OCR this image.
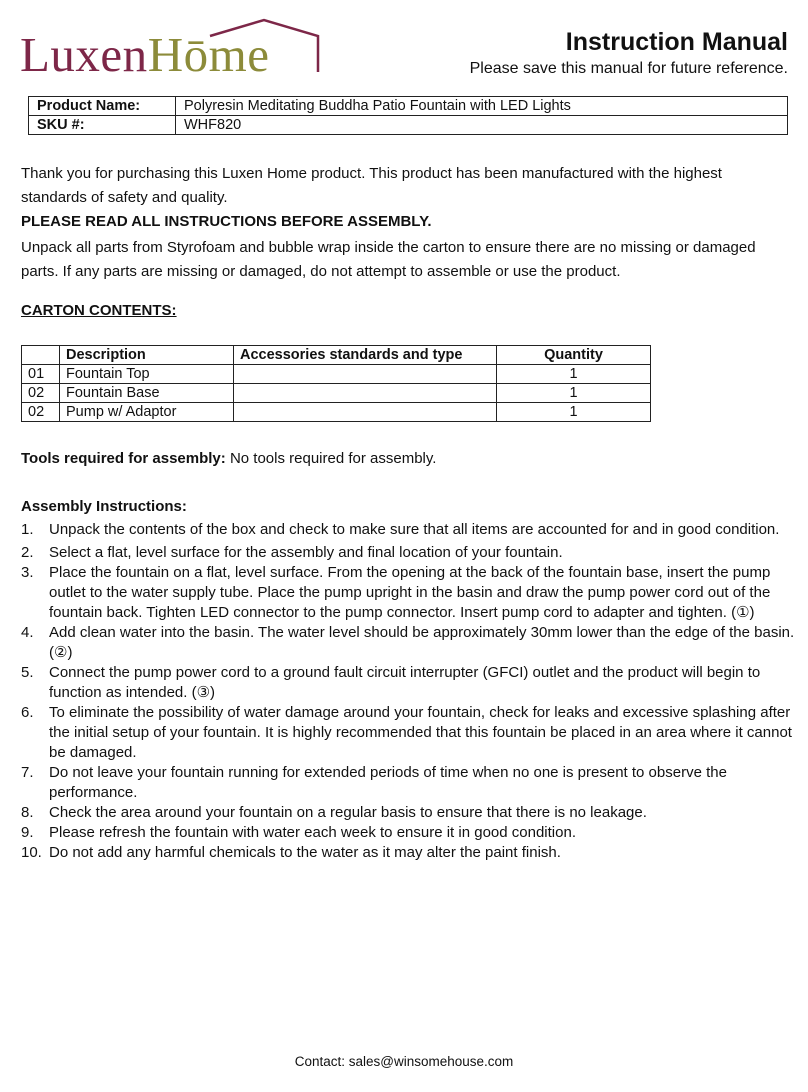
LuxenHōme	Instruction Manual
Please save this manual for future reference.
Product Name:	Polyresin Meditating Buddha Patio Fountain with LED Lights
SKU #:	WHF820
Thank you for purchasing this Luxen Home product. This product has been manufactured with the highest
standards of safety and quality.
PLEASE READ ALL INSTRUCTIONS BEFORE ASSEMBLY.
Unpack all parts from Styrofoam and bubble wrap inside the carton to ensure there are no missing or damaged
parts. If any parts are missing or damaged, do not attempt to assemble or use the product.
CARTON CONTENTS:
	Description	Accessories standards and type	Quantity
01	Fountain Top		1
02	Fountain Base		1
02	Pump w/ Adaptor		1
Tools required for assembly: No tools required for assembly.
Assembly Instructions:
1.	Unpack the contents of the box and check to make sure that all items are accounted for and in good condition.
2.	Select a flat, level surface for the assembly and final location of your fountain.
3.	Place the fountain on a flat, level surface. From the opening at the back of the fountain base, insert the pump outlet to the water supply tube. Place the pump upright in the basin and draw the pump power cord out of the fountain back. Tighten LED connector to the pump connector. Insert pump cord to adapter and tighten. (①)
4.	Add clean water into the basin. The water level should be approximately 30mm lower than the edge of the basin. (②)
5.	Connect the pump power cord to a ground fault circuit interrupter (GFCI) outlet and the product will begin to function as intended. (③)
6.	To eliminate the possibility of water damage around your fountain, check for leaks and excessive splashing after the initial setup of your fountain. It is highly recommended that this fountain be placed in an area where it cannot be damaged.
7.	Do not leave your fountain running for extended periods of time when no one is present to observe the performance.
8.	Check the area around your fountain on a regular basis to ensure that there is no leakage.
9.	Please refresh the fountain with water each week to ensure it in good condition.
10. Do not add any harmful chemicals to the water as it may alter the paint finish.
Contact: sales@winsomehouse.com
